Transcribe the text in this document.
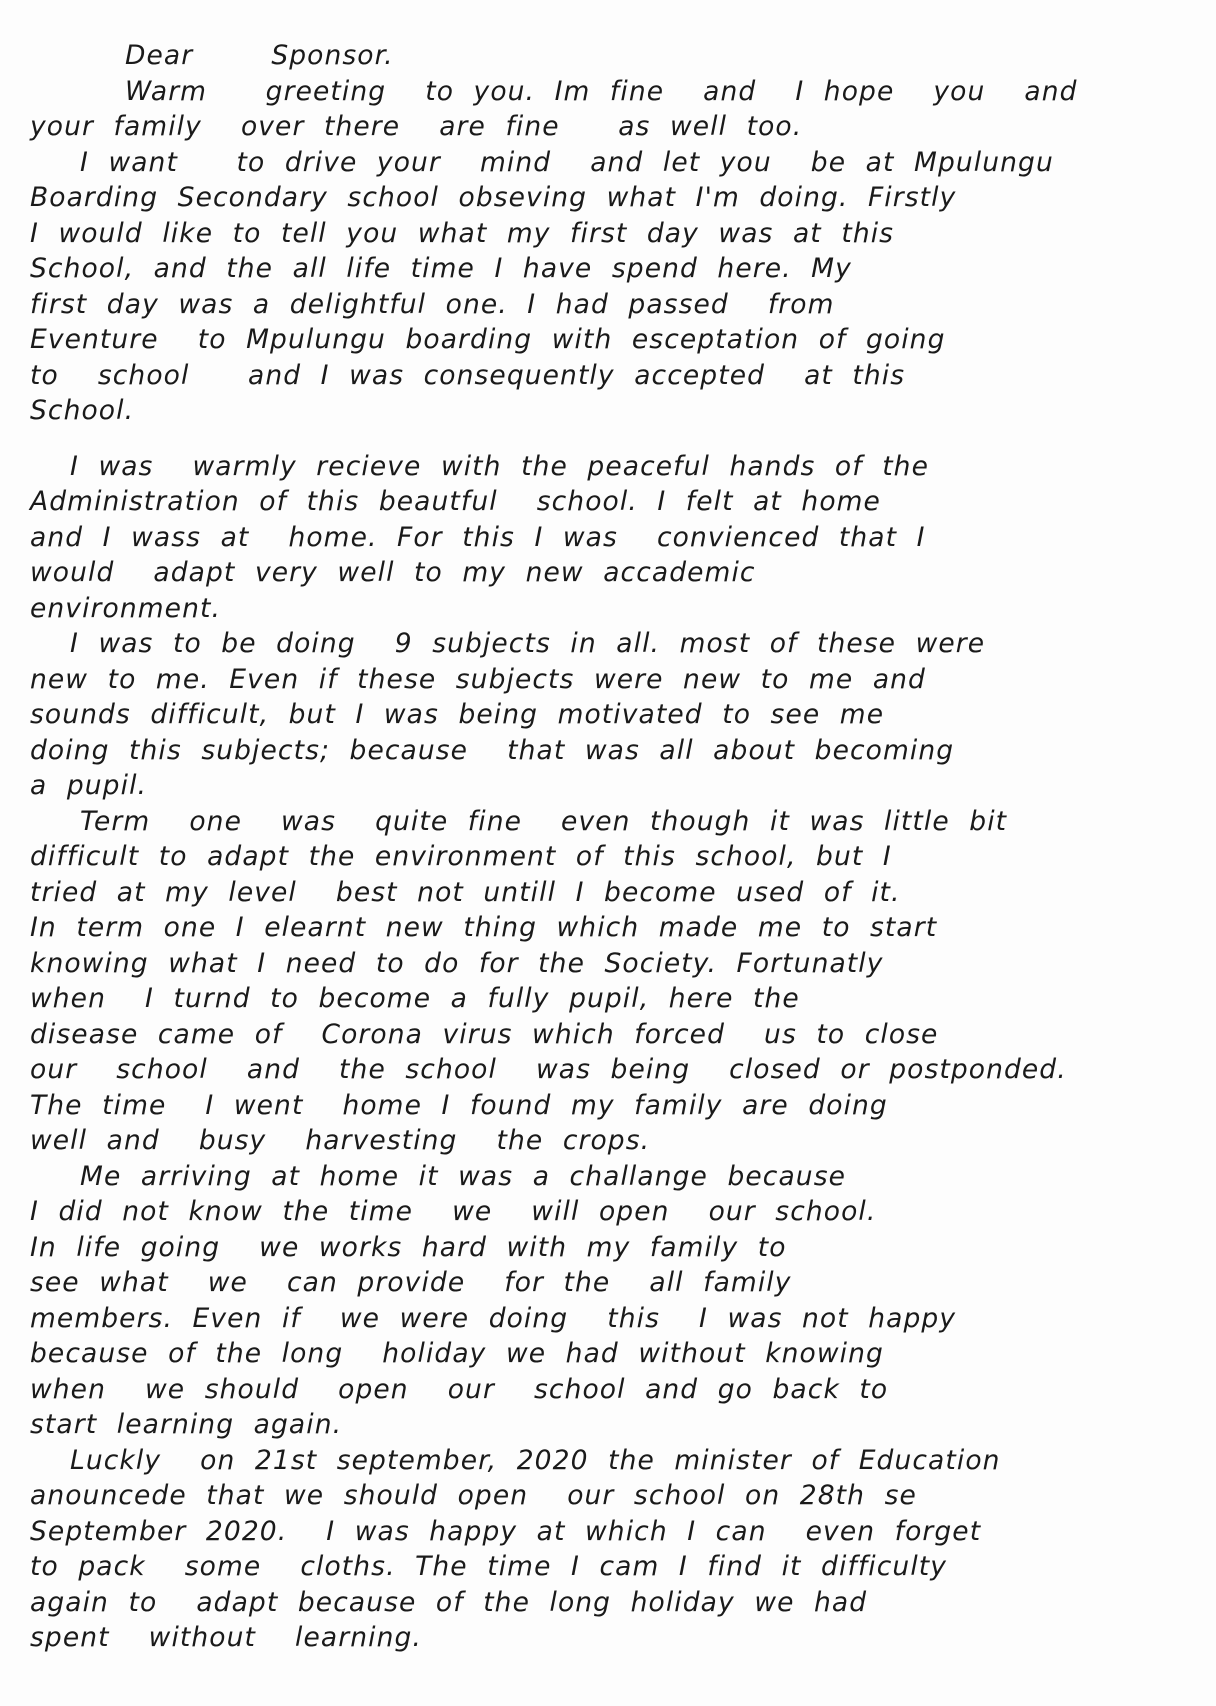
Dear    Sponsor.
Warm   greeting  to you. Im fine  and  I hope  you  and
your family  over there  are fine   as well too.
I want   to drive your  mind  and let you  be at Mpulungu
Boarding Secondary school obseving what I'm doing. Firstly
I would like to tell you what my first day was at this
School, and the all life time I have spend here. My
first day was a delightful one. I had passed  from
Eventure  to Mpulungu boarding with esceptation of going
to  school   and I was consequently accepted  at this
School.
I was  warmly recieve with the peaceful hands of the
Administration of this beautful  school. I felt at home
and I wass at  home. For this I was  convienced that I
would  adapt very well to my new accademic
environment.
I was to be doing  9 subjects in all. most of these were
new to me. Even if these subjects were new to me and
sounds difficult, but I was being motivated to see me
doing this subjects; because  that was all about becoming
a pupil.
Term  one  was  quite fine  even though it was little bit
difficult to adapt the environment of this school, but I
tried at my level  best not untill I become used of it.
In term one I elearnt new thing which made me to start
knowing what I need to do for the Society. Fortunatly
when  I turnd to become a fully pupil, here the
disease came of  Corona virus which forced  us to close
our  school  and  the school  was being  closed or postponded.
The time  I went  home I found my family are doing
well and  busy  harvesting  the crops.
Me arriving at home it was a challange because
I did not know the time  we  will open  our school.
In life going  we works hard with my family to
see what  we  can provide  for the  all family
members. Even if  we were doing  this  I was not happy
because of the long  holiday we had without knowing
when  we should  open  our  school and go back to
start learning again.
Luckly  on 21st september, 2020 the minister of Education
anouncede that we should open  our school on 28th se
September 2020.  I was happy at which I can  even forget
to pack  some  cloths. The time I cam I find it difficulty
again to  adapt because of the long holiday we had
spent  without  learning.
